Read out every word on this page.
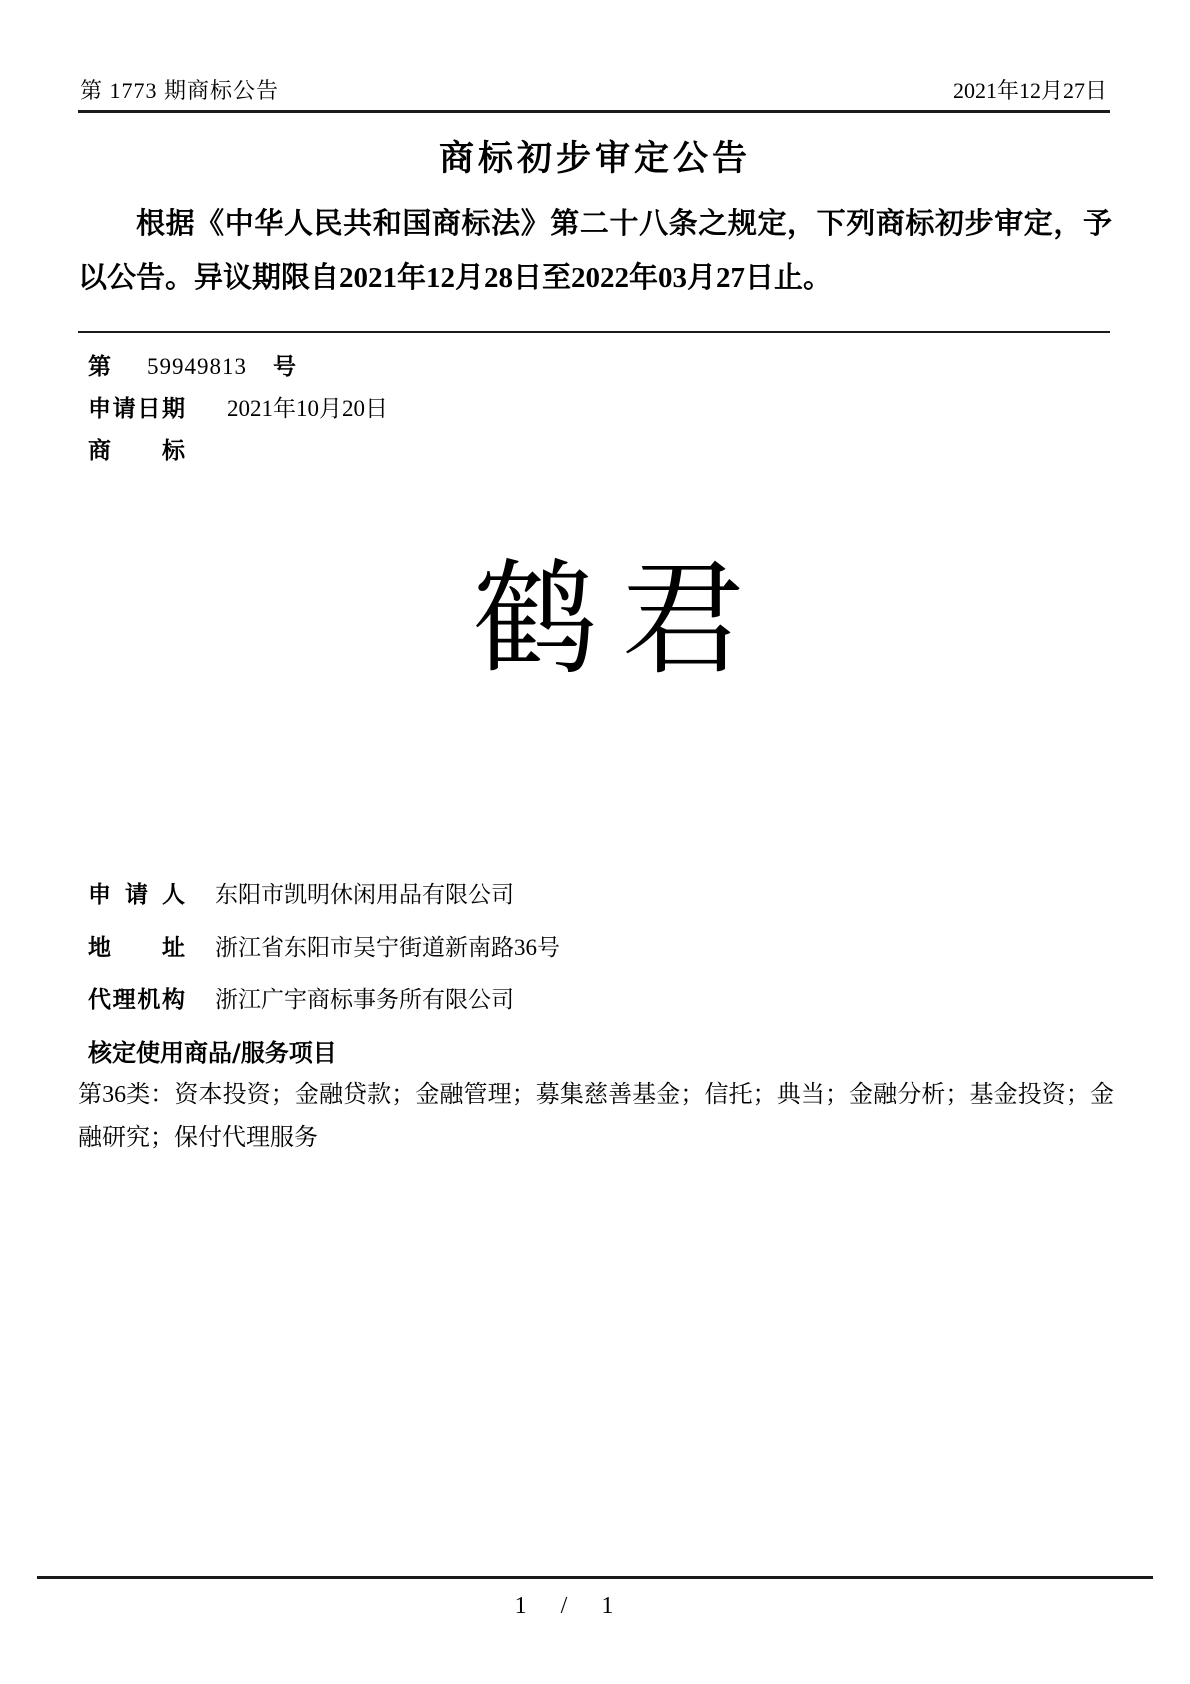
第 1773 期商标公告	2021年12月27日
商标初步审定公告

根据《中华人民共和国商标法》第二十八条之规定，下列商标初步审定，予以公告。异议期限自2021年12月28日至2022年03月27日止。

第 59949813 号
申请日期 2021年10月20日
商标
鹤君
申请人 东阳市凯明休闲用品有限公司
地址 浙江省东阳市吴宁街道新南路36号
代理机构 浙江广宇商标事务所有限公司
核定使用商品/服务项目

第36类：资本投资；金融贷款；金融管理；募集慈善基金；信托；典当；金融分析；基金投资；金融研究；保付代理服务

1 / 1
